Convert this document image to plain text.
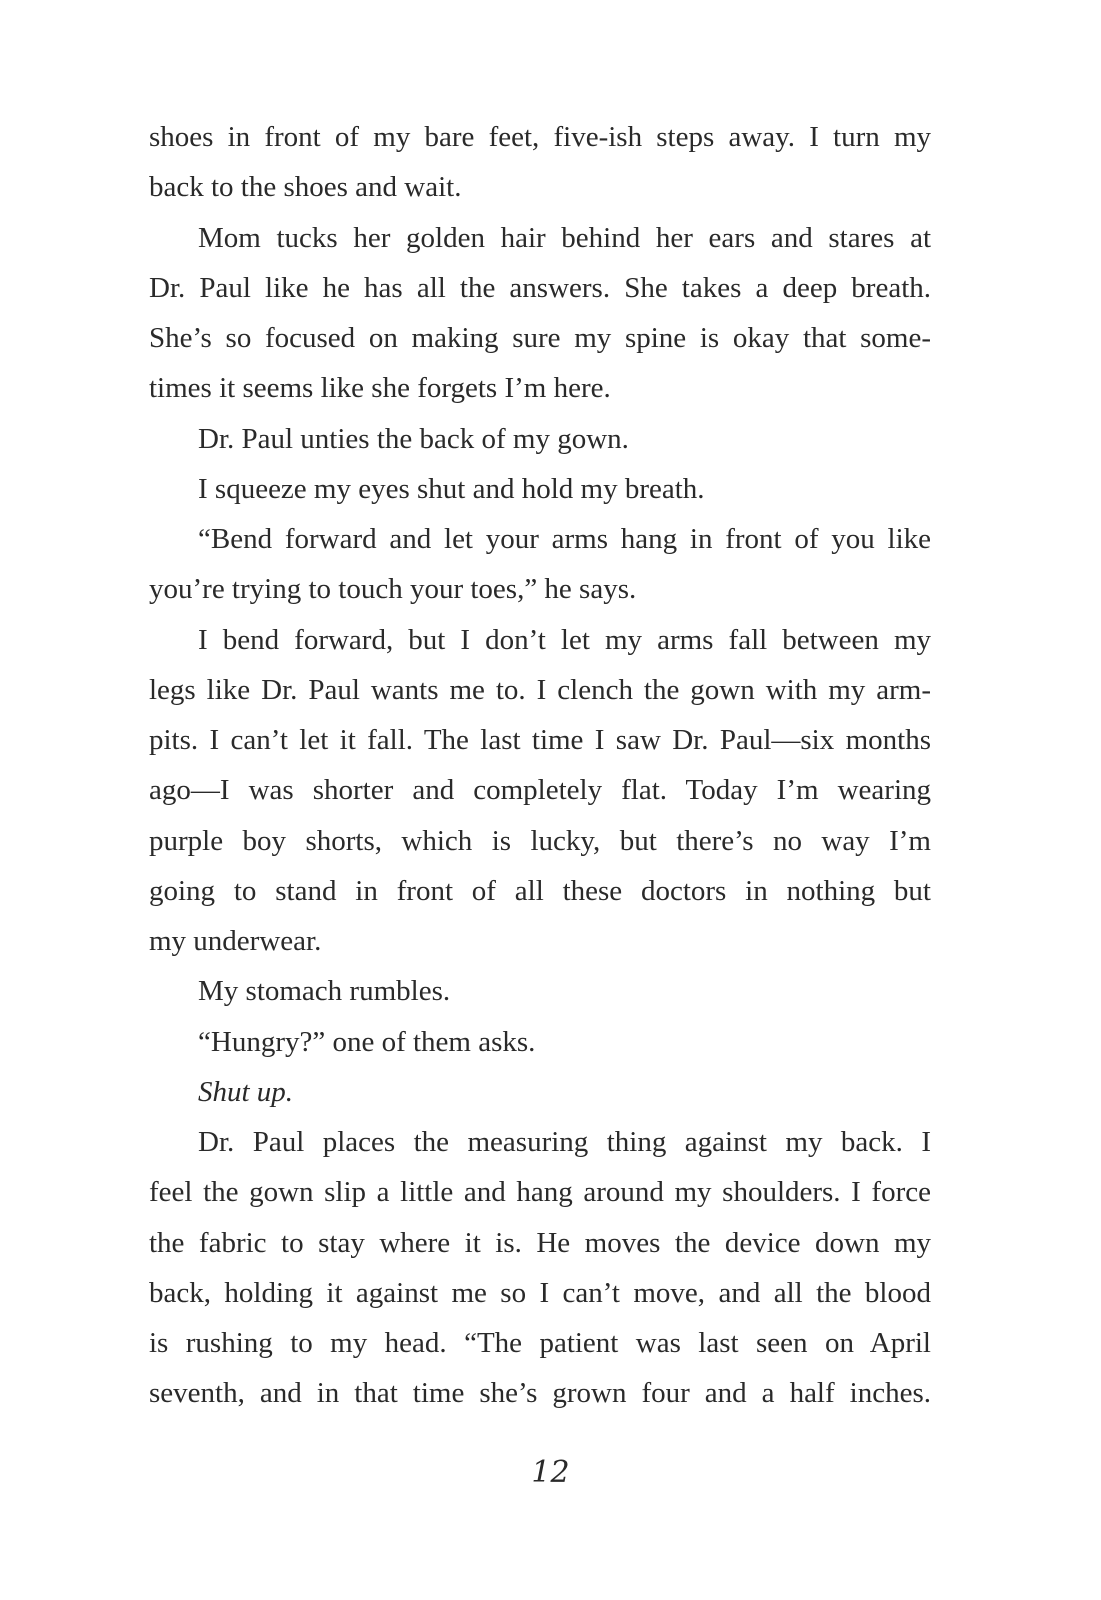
shoes in front of my bare feet, five-ish steps away. I turn my
back to the shoes and wait.
Mom tucks her golden hair behind her ears and stares at
Dr. Paul like he has all the answers. She takes a deep breath.
She’s so focused on making sure my spine is okay that some-
times it seems like she forgets I’m here.
Dr. Paul unties the back of my gown.
I squeeze my eyes shut and hold my breath.
“Bend forward and let your arms hang in front of you like
you’re trying to touch your toes,” he says.
I bend forward, but I don’t let my arms fall between my
legs like Dr. Paul wants me to. I clench the gown with my arm-
pits. I can’t let it fall. The last time I saw Dr. Paul—six months
ago—I was shorter and completely flat. Today I’m wearing
purple boy shorts, which is lucky, but there’s no way I’m
going to stand in front of all these doctors in nothing but
my underwear.
My stomach rumbles.
“Hungry?” one of them asks.
Shut up.
Dr. Paul places the measuring thing against my back. I
feel the gown slip a little and hang around my shoulders. I force
the fabric to stay where it is. He moves the device down my
back, holding it against me so I can’t move, and all the blood
is rushing to my head. “The patient was last seen on April
seventh, and in that time she’s grown four and a half inches.
12
